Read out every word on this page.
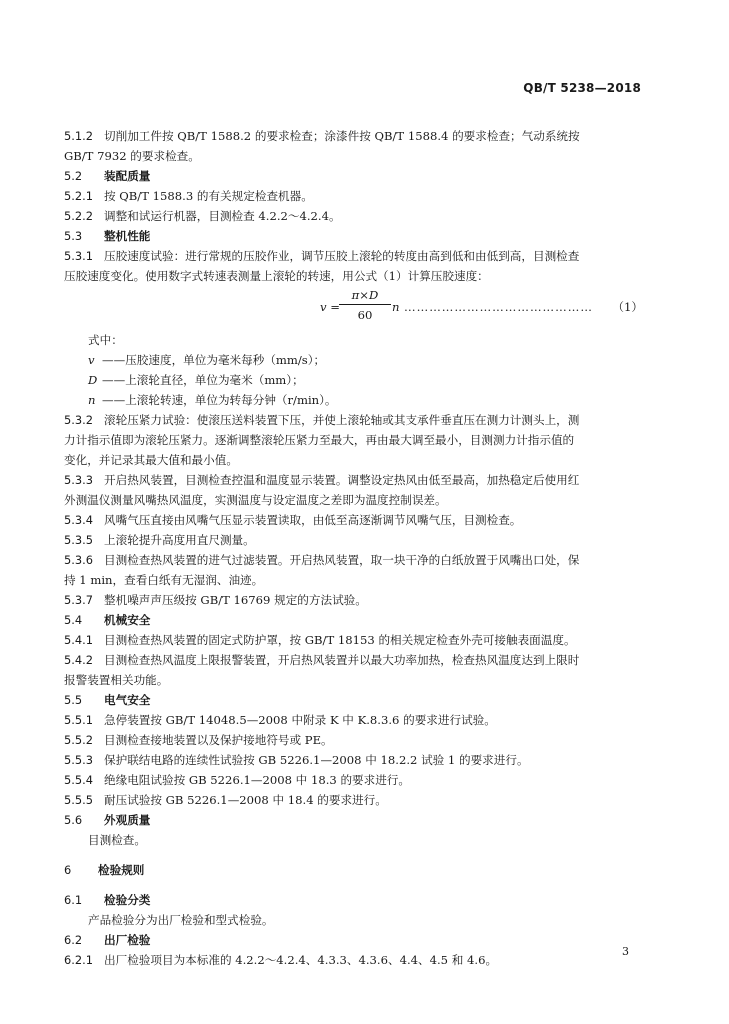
QB/T 5238—2018
5.1.2 切削加工件按 QB/T 1588.2 的要求检查；涂漆件按 QB/T 1588.4 的要求检查；气动系统按
GB/T 7932 的要求检查。
5.2 装配质量
5.2.1 按 QB/T 1588.3 的有关规定检查机器。
5.2.2 调整和试运行机器，目测检查 4.2.2～4.2.4。
5.3 整机性能
5.3.1 压胶速度试验：进行常规的压胶作业，调节压胶上滚轮的转度由高到低和由低到高，目测检查
压胶速度变化。使用数字式转速表测量上滚轮的转速，用公式（1）计算压胶速度：
v =
π×D
60
n ………………………………………	（1）
式中：
v ——压胶速度，单位为毫米每秒（mm/s）；
D ——上滚轮直径，单位为毫米（mm）；
n ——上滚轮转速，单位为转每分钟（r/min）。
5.3.2 滚轮压紧力试验：使滚压送料装置下压，并使上滚轮轴或其支承件垂直压在测力计测头上，测
力计指示值即为滚轮压紧力。逐渐调整滚轮压紧力至最大，再由最大调至最小，目测测力计指示值的
变化，并记录其最大值和最小值。
5.3.3 开启热风装置，目测检查控温和温度显示装置。调整设定热风由低至最高，加热稳定后使用红
外测温仪测量风嘴热风温度，实测温度与设定温度之差即为温度控制误差。
5.3.4 风嘴气压直接由风嘴气压显示装置读取，由低至高逐渐调节风嘴气压，目测检查。
5.3.5 上滚轮提升高度用直尺测量。
5.3.6 目测检查热风装置的进气过滤装置。开启热风装置，取一块干净的白纸放置于风嘴出口处，保
持 1 min，查看白纸有无湿润、油迹。
5.3.7 整机噪声声压级按 GB/T 16769 规定的方法试验。
5.4 机械安全
5.4.1 目测检查热风装置的固定式防护罩，按 GB/T 18153 的相关规定检查外壳可接触表面温度。
5.4.2 目测检查热风温度上限报警装置，开启热风装置并以最大功率加热，检查热风温度达到上限时
报警装置相关功能。
5.5 电气安全
5.5.1 急停装置按 GB/T 14048.5—2008 中附录 K 中 K.8.3.6 的要求进行试验。
5.5.2 目测检查接地装置以及保护接地符号或 PE。
5.5.3 保护联结电路的连续性试验按 GB 5226.1—2008 中 18.2.2 试验 1 的要求进行。
5.5.4 绝缘电阻试验按 GB 5226.1—2008 中 18.3 的要求进行。
5.5.5 耐压试验按 GB 5226.1—2008 中 18.4 的要求进行。
5.6 外观质量
目测检查。
6 检验规则
6.1 检验分类
产品检验分为出厂检验和型式检验。
6.2 出厂检验
6.2.1 出厂检验项目为本标准的 4.2.2～4.2.4、4.3.3、4.3.6、4.4、4.5 和 4.6。
3
